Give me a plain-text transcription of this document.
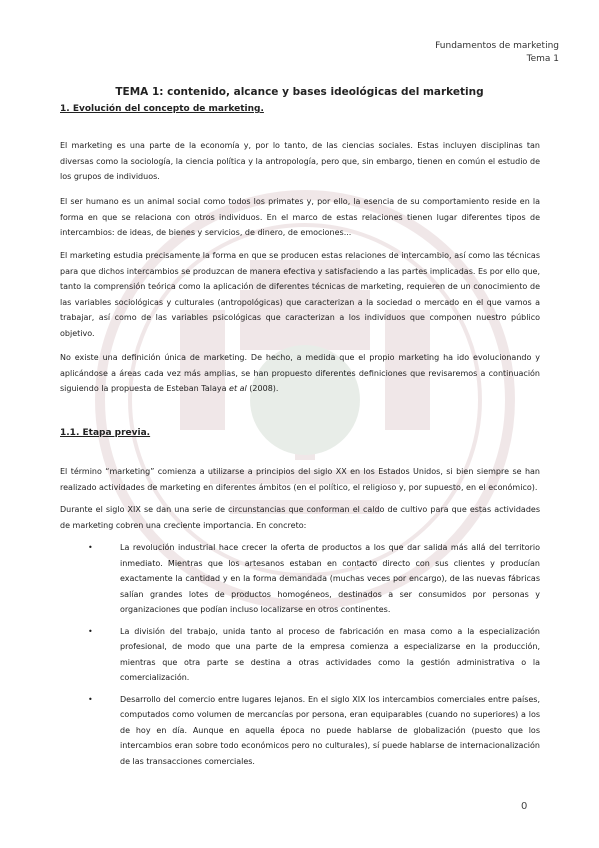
Fundamentos de marketing
Tema 1
TEMA 1: contenido, alcance y bases ideológicas del marketing
1. Evolución del concepto de marketing.
El marketing es una parte de la economía y, por lo tanto, de las ciencias sociales. Estas incluyen disciplinas tan diversas como la sociología, la ciencia política y la antropología, pero que, sin embargo, tienen en común el estudio de los grupos de individuos.
El ser humano es un animal social como todos los primates y, por ello, la esencia de su comportamiento reside en la forma en que se relaciona con otros individuos. En el marco de estas relaciones tienen lugar diferentes tipos de intercambios: de ideas, de bienes y servicios, de dinero, de emociones...
El marketing estudia precisamente la forma en que se producen estas relaciones de intercambio, así como las técnicas para que dichos intercambios se produzcan de manera efectiva y satisfaciendo a las partes implicadas. Es por ello que, tanto la comprensión teórica como la aplicación de diferentes técnicas de marketing, requieren de un conocimiento de las variables sociológicas y culturales (antropológicas) que caracterizan a la sociedad o mercado en el que vamos a trabajar, así como de las variables psicológicas que caracterizan a los individuos que componen nuestro público objetivo.
No existe una definición única de marketing. De hecho, a medida que el propio marketing ha ido evolucionando y aplicándose a áreas cada vez más amplias, se han propuesto diferentes definiciones que revisaremos a continuación siguiendo la propuesta de Esteban Talaya et al (2008).
1.1. Etapa previa.
El término “marketing” comienza a utilizarse a principios del siglo XX en los Estados Unidos, si bien siempre se han realizado actividades de marketing en diferentes ámbitos (en el político, el religioso y, por supuesto, en el económico).
Durante el siglo XIX se dan una serie de circunstancias que conforman el caldo de cultivo para que estas actividades de marketing cobren una creciente importancia. En concreto:
•	La revolución industrial hace crecer la oferta de productos a los que dar salida más allá del territorio inmediato. Mientras que los artesanos estaban en contacto directo con sus clientes y producían exactamente la cantidad y en la forma demandada (muchas veces por encargo), de las nuevas fábricas salían grandes lotes de productos homogéneos, destinados a ser consumidos por personas y organizaciones que podían incluso localizarse en otros continentes.
•	La división del trabajo, unida tanto al proceso de fabricación en masa como a la especialización profesional, de modo que una parte de la empresa comienza a especializarse en la producción, mientras que otra parte se destina a otras actividades como la gestión administrativa o la comercialización.
•	Desarrollo del comercio entre lugares lejanos. En el siglo XIX los intercambios comerciales entre países, computados como volumen de mercancías por persona, eran equiparables (cuando no superiores) a los de hoy en día. Aunque en aquella época no puede hablarse de globalización (puesto que los intercambios eran sobre todo económicos pero no culturales), sí puede hablarse de internacionalización de las transacciones comerciales.
0
